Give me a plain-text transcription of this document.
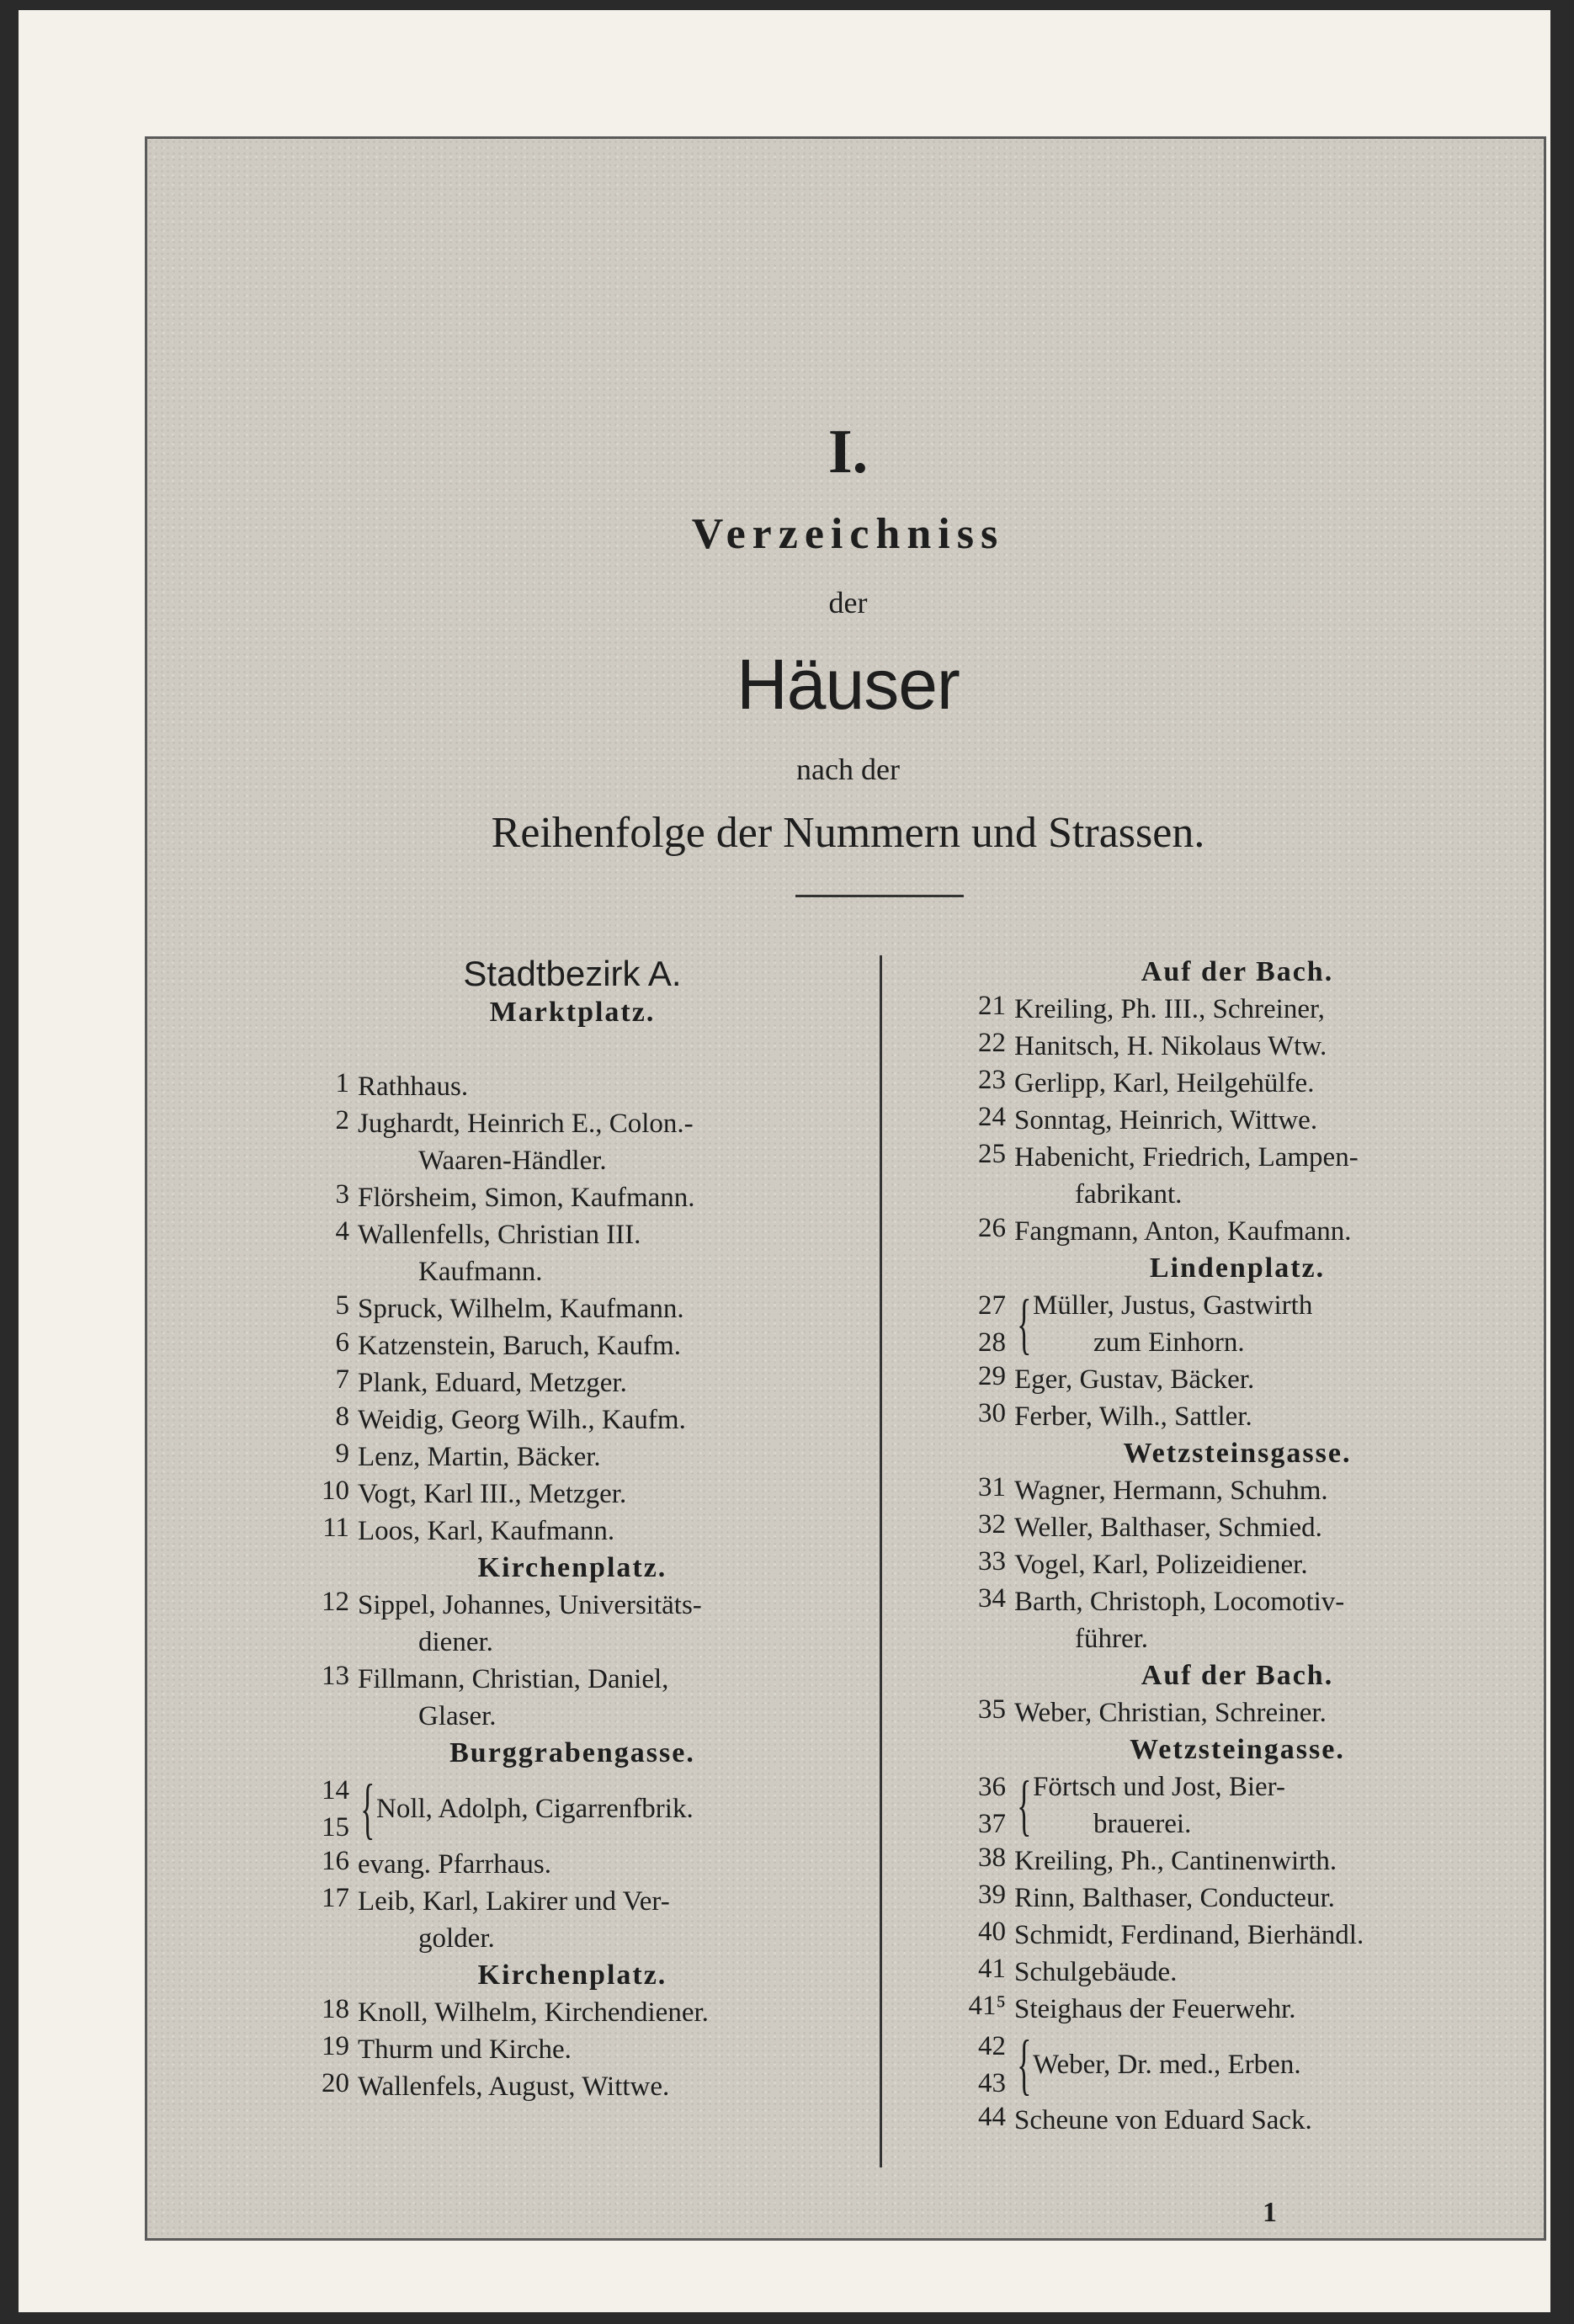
I.
Verzeichniss
der
Häuser
nach der
Reihenfolge der Nummern und Strassen.
Stadtbezirk A.
Marktplatz.
1 Rathhaus.
2 Jughardt, Heinrich E., Colon.-
Waaren-Händler.
3 Flörsheim, Simon, Kaufmann.
4 Wallenfells, Christian III.
Kaufmann.
5 Spruck, Wilhelm, Kaufmann.
6 Katzenstein, Baruch, Kaufm.
7 Plank, Eduard, Metzger.
8 Weidig, Georg Wilh., Kaufm.
9 Lenz, Martin, Bäcker.
10 Vogt, Karl III., Metzger.
11 Loos, Karl, Kaufmann.
Kirchenplatz.
12 Sippel, Johannes, Universitäts-
diener.
13 Fillmann, Christian, Daniel,
Glaser.
Burggrabengasse.
14
15 { Noll, Adolph, Cigarrenfbrik.
16 evang. Pfarrhaus.
17 Leib, Karl, Lakirer und Ver-
golder.
Kirchenplatz.
18 Knoll, Wilhelm, Kirchendiener.
19 Thurm und Kirche.
20 Wallenfels, August, Wittwe.
Auf der Bach.
21 Kreiling, Ph. III., Schreiner,
22 Hanitsch, H. Nikolaus Wtw.
23 Gerlipp, Karl, Heilgehülfe.
24 Sonntag, Heinrich, Wittwe.
25 Habenicht, Friedrich, Lampen-
fabrikant.
26 Fangmann, Anton, Kaufmann.
Lindenplatz.
27
28 { Müller, Justus, Gastwirth
zum Einhorn.
29 Eger, Gustav, Bäcker.
30 Ferber, Wilh., Sattler.
Wetzsteinsgasse.
31 Wagner, Hermann, Schuhm.
32 Weller, Balthaser, Schmied.
33 Vogel, Karl, Polizeidiener.
34 Barth, Christoph, Locomotiv-
führer.
Auf der Bach.
35 Weber, Christian, Schreiner.
Wetzsteingasse.
36
37 { Förtsch und Jost, Bier-
brauerei.
38 Kreiling, Ph., Cantinenwirth.
39 Rinn, Balthaser, Conducteur.
40 Schmidt, Ferdinand, Bierhändl.
41 Schulgebäude.
41⁵ Steighaus der Feuerwehr.
42
43 { Weber, Dr. med., Erben.
44 Scheune von Eduard Sack.
1
